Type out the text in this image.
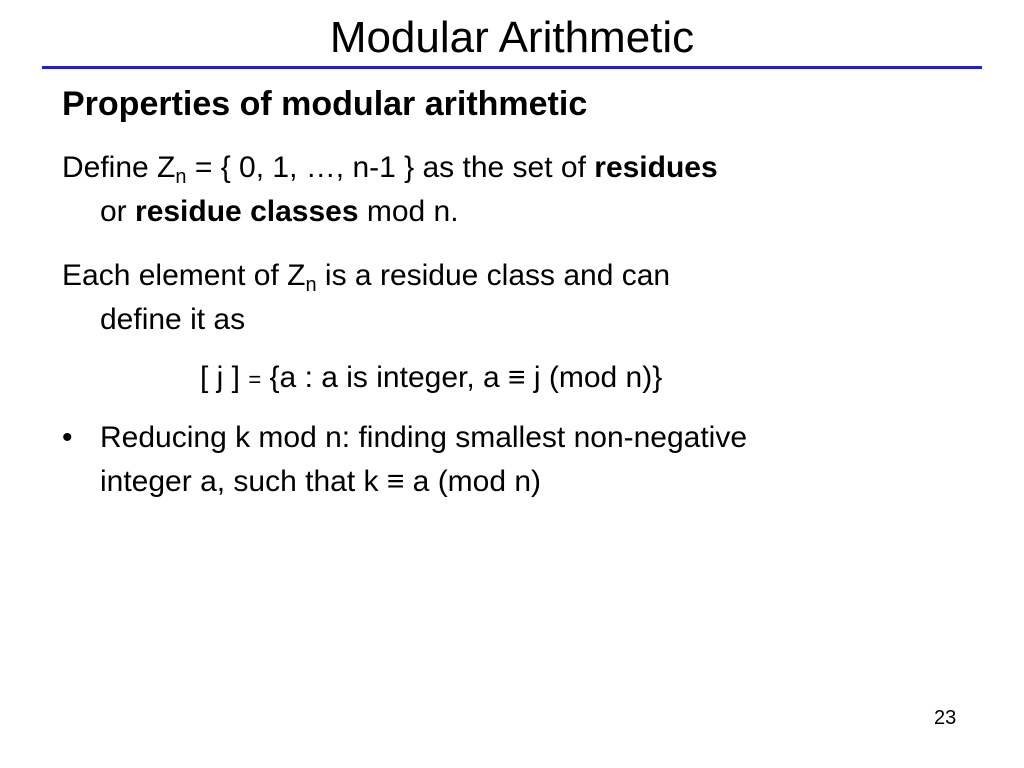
Modular Arithmetic
Properties of modular arithmetic

Define $Z_n$ = { 0, 1, …, n-1 } as the set of residues
or residue classes mod n.

Each element of $Z_n$ is a residue class and can
define it as

[ j ] = {a : a is integer, a ≡ j (mod n)}

• Reducing k mod n: finding smallest non-negative
integer a, such that k ≡ a (mod n)
23
